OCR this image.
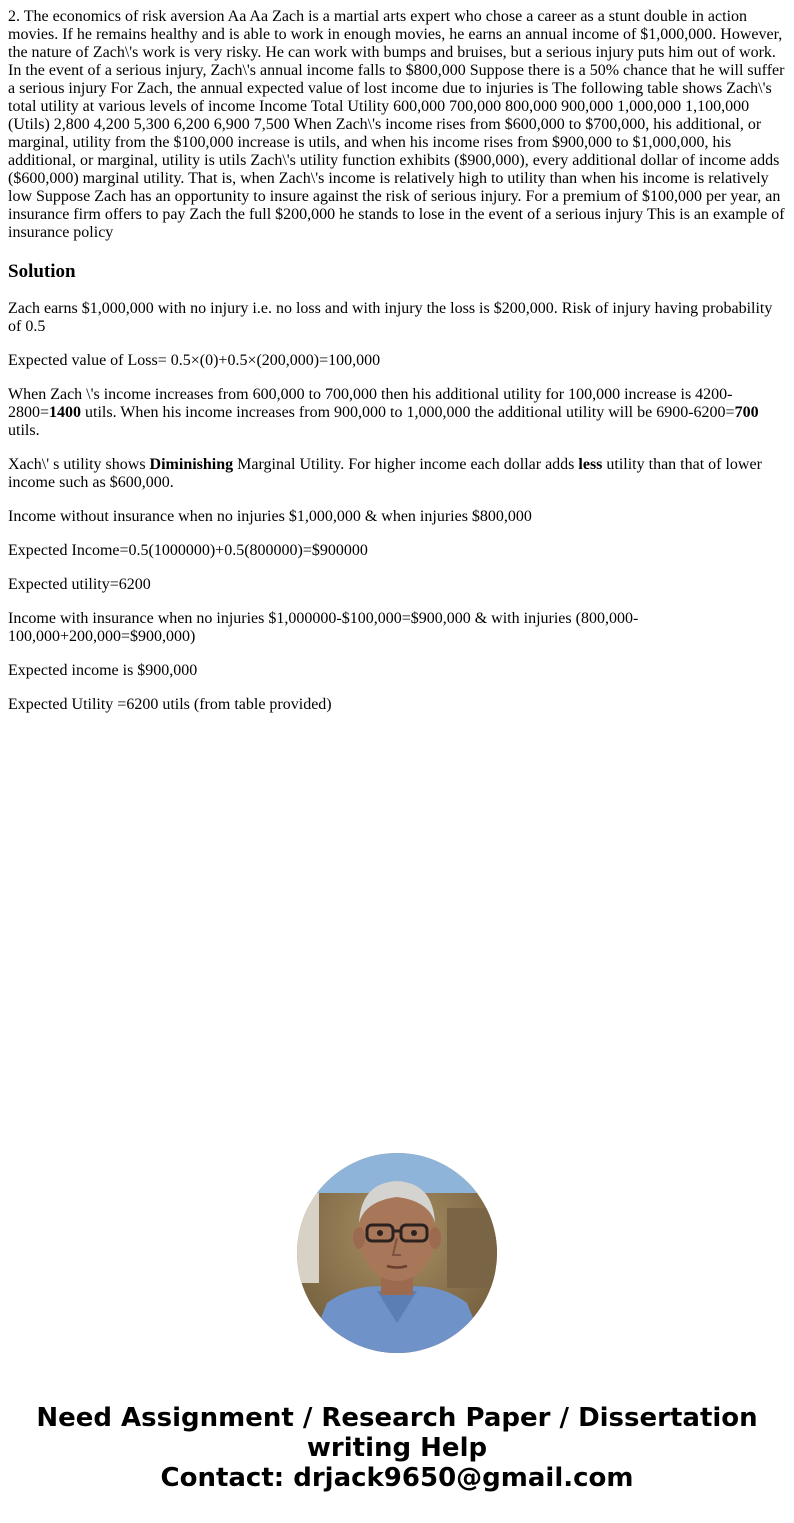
2. The economics of risk aversion Aa Aa Zach is a martial arts expert who chose a career as a stunt double in action movies. If he remains healthy and is able to work in enough movies, he earns an annual income of $1,000,000. However, the nature of Zach\'s work is very risky. He can work with bumps and bruises, but a serious injury puts him out of work. In the event of a serious injury, Zach\'s annual income falls to $800,000 Suppose there is a 50% chance that he will suffer a serious injury For Zach, the annual expected value of lost income due to injuries is The following table shows Zach\'s total utility at various levels of income Income Total Utility 600,000 700,000 800,000 900,000 1,000,000 1,100,000 (Utils) 2,800 4,200 5,300 6,200 6,900 7,500 When Zach\'s income rises from $600,000 to $700,000, his additional, or marginal, utility from the $100,000 increase is utils, and when his income rises from $900,000 to $1,000,000, his additional, or marginal, utility is utils Zach\'s utility function exhibits ($900,000), every additional dollar of income adds ($600,000) marginal utility. That is, when Zach\'s income is relatively high to utility than when his income is relatively low Suppose Zach has an opportunity to insure against the risk of serious injury. For a premium of $100,000 per year, an insurance firm offers to pay Zach the full $200,000 he stands to lose in the event of a serious injury This is an example of insurance policy
Solution

Zach earns $1,000,000 with no injury i.e. no loss and with injury the loss is $200,000. Risk of injury having probability of 0.5

Expected value of Loss= 0.5×(0)+0.5×(200,000)=100,000

When Zach \'s income increases from 600,000 to 700,000 then his additional utility for 100,000 increase is 4200-2800=1400 utils. When his income increases from 900,000 to 1,000,000 the additional utility will be 6900-6200=700 utils.

Xach\' s utility shows Diminishing Marginal Utility. For higher income each dollar adds less utility than that of lower income such as $600,000.

Income without insurance when no injuries $1,000,000 & when injuries $800,000

Expected Income=0.5(1000000)+0.5(800000)=$900000

Expected utility=6200

Income with insurance when no injuries $1,000000-$100,000=$900,000 & with injuries (800,000-100,000+200,000=$900,000)

Expected income is $900,000

Expected Utility =6200 utils (from table provided)

Need Assignment / Research Paper / Dissertation writing Help
Contact: drjack9650@gmail.com
